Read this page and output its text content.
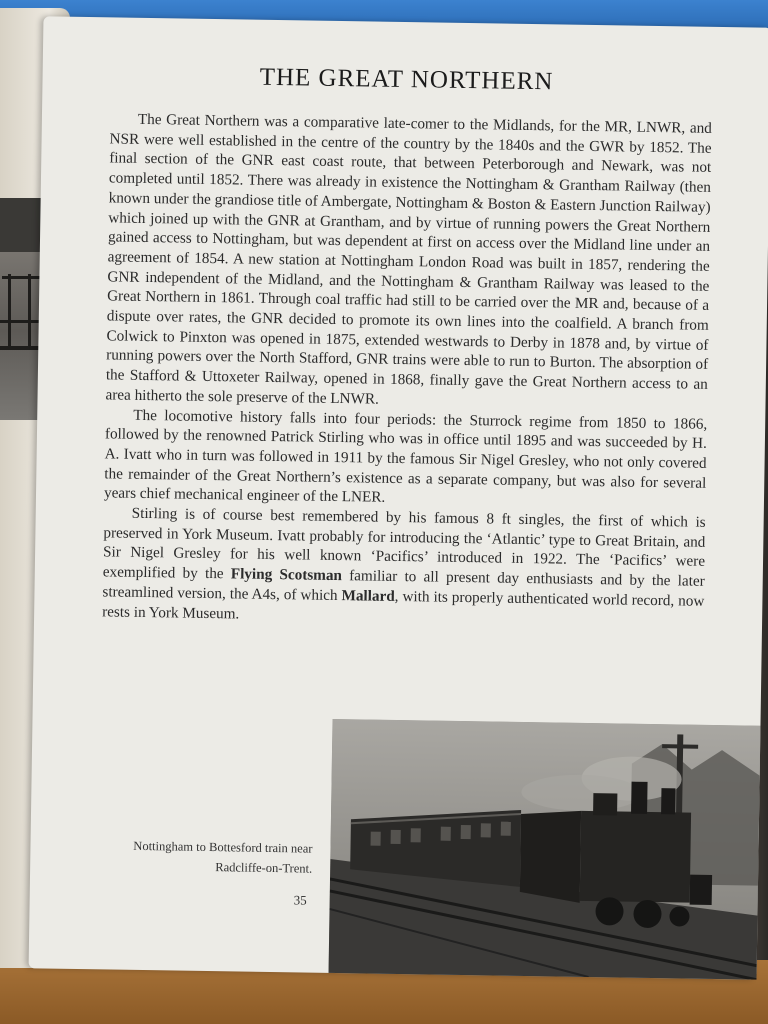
THE GREAT NORTHERN

The Great Northern was a comparative late-comer to the Midlands, for the MR, LNWR, and NSR were well established in the centre of the country by the 1840s and the GWR by 1852. The final section of the GNR east coast route, that between Peterborough and Newark, was not completed until 1852. There was already in existence the Nottingham & Grantham Railway (then known under the grandiose title of Ambergate, Nottingham & Boston & Eastern Junction Railway) which joined up with the GNR at Grantham, and by virtue of running powers the Great Northern gained access to Nottingham, but was dependent at first on access over the Midland line under an agreement of 1854. A new station at Nottingham London Road was built in 1857, rendering the GNR independent of the Midland, and the Nottingham & Grantham Railway was leased to the Great Northern in 1861. Through coal traffic had still to be carried over the MR and, because of a dispute over rates, the GNR decided to promote its own lines into the coalfield. A branch from Colwick to Pinxton was opened in 1875, extended westwards to Derby in 1878 and, by virtue of running powers over the North Stafford, GNR trains were able to run to Burton. The absorption of the Stafford & Uttoxeter Railway, opened in 1868, finally gave the Great Northern access to an area hitherto the sole preserve of the LNWR.

The locomotive history falls into four periods: the Sturrock regime from 1850 to 1866, followed by the renowned Patrick Stirling who was in office until 1895 and was succeeded by H. A. Ivatt who in turn was followed in 1911 by the famous Sir Nigel Gresley, who not only covered the remainder of the Great Northern’s existence as a separate company, but was also for several years chief mechanical engineer of the LNER.

Stirling is of course best remembered by his famous 8 ft singles, the first of which is preserved in York Museum. Ivatt probably for introducing the ‘Atlantic’ type to Great Britain, and Sir Nigel Gresley for his well known ‘Pacifics’ introduced in 1922. The ‘Pacifics’ were exemplified by the Flying Scotsman familiar to all present day enthusiasts and by the later streamlined version, the A4s, of which Mallard, with its properly authenticated world record, now rests in York Museum.

Nottingham to Bottesford train near
Radcliffe-on-Trent.
35
